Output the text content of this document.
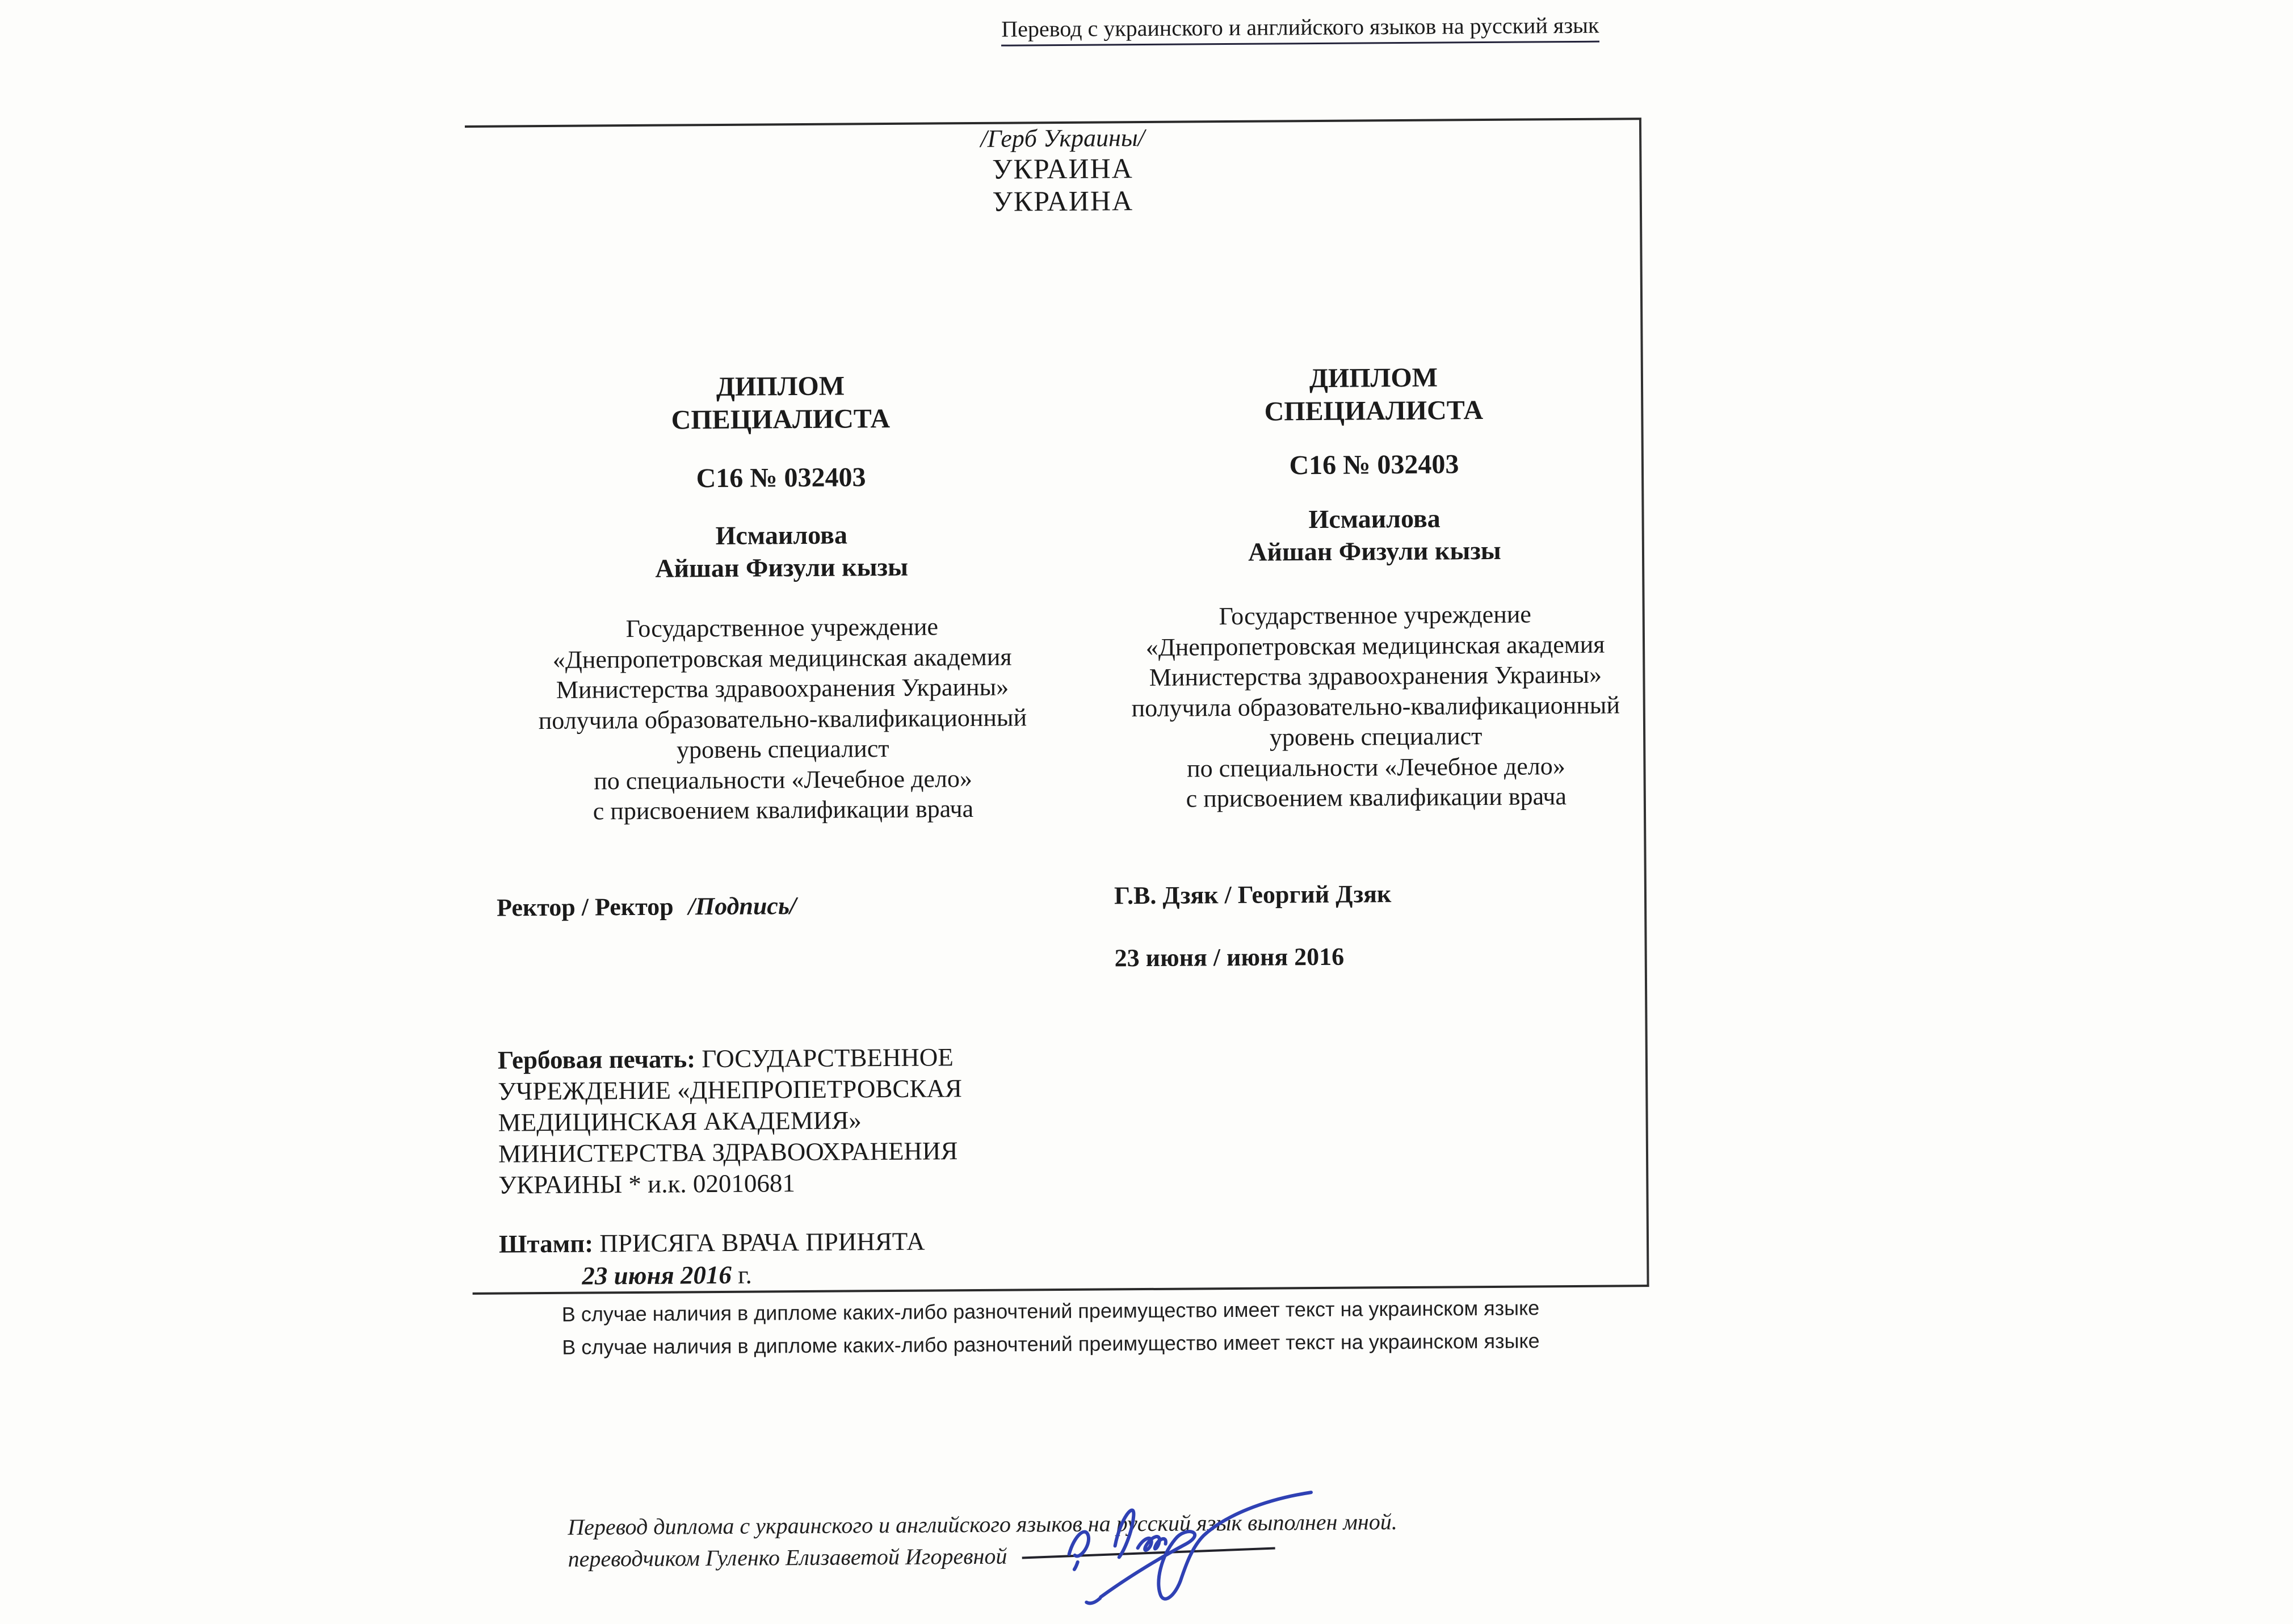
Перевод с украинского и английского языков на русский язык
/Герб Украины/
УКРАИНА
УКРАИНА
ДИПЛОМ
СПЕЦИАЛИСТА
С16 № 032403
Исмаилова
Айшан Физули кызы
Государственное учреждение
«Днепропетровская медицинская академия
Министерства здравоохранения Украины»
получила образовательно-квалификационный
уровень специалист
по специальности «Лечебное дело»
с присвоением квалификации врача
Ректор / Ректор /Подпись/
Гербовая печать: ГОСУДАРСТВЕННОЕ
УЧРЕЖДЕНИЕ «ДНЕПРОПЕТРОВСКАЯ
МЕДИЦИНСКАЯ АКАДЕМИЯ»
МИНИСТЕРСТВА ЗДРАВООХРАНЕНИЯ
УКРАИНЫ * и.к. 02010681
Штамп: ПРИСЯГА ВРАЧА ПРИНЯТА
23 июня 2016 г.
ДИПЛОМ
СПЕЦИАЛИСТА
С16 № 032403
Исмаилова
Айшан Физули кызы
Государственное учреждение
«Днепропетровская медицинская академия
Министерства здравоохранения Украины»
получила образовательно-квалификационный
уровень специалист
по специальности «Лечебное дело»
с присвоением квалификации врача
Г.В. Дзяк / Георгий Дзяк
23 июня / июня 2016
В случае наличия в дипломе каких-либо разночтений преимущество имеет текст на украинском языке
В случае наличия в дипломе каких-либо разночтений преимущество имеет текст на украинском языке
Перевод диплома с украинского и английского языков на русский язык выполнен мной.
переводчиком Гуленко Елизаветой Игоревной
